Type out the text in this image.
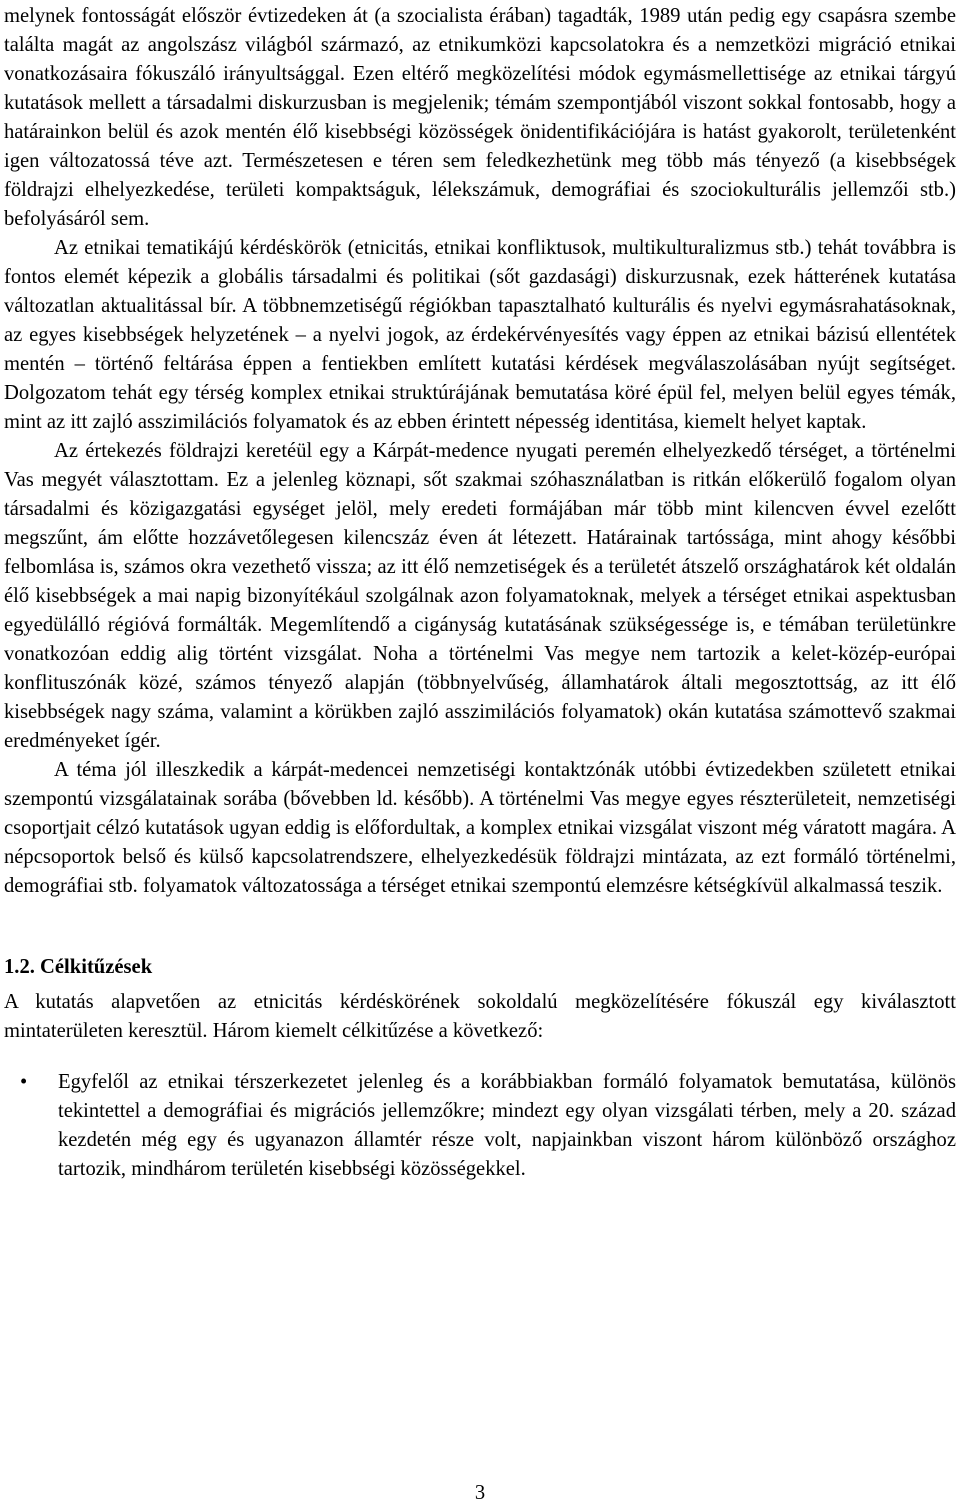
melynek fontosságát először évtizedeken át (a szocialista érában) tagadták, 1989 után pedig egy csapásra szembe találta magát az angolszász világból származó, az etnikumközi kapcsolatokra és a nemzetközi migráció etnikai vonatkozásaira fókuszáló irányultsággal. Ezen eltérő megközelítési módok egymásmellettisége az etnikai tárgyú kutatások mellett a társadalmi diskurzusban is megjelenik; témám szempontjából viszont sokkal fontosabb, hogy a határainkon belül és azok mentén élő kisebbségi közösségek önidentifikációjára is hatást gyakorolt, területenként igen változatossá téve azt. Természetesen e téren sem feledkezhetünk meg több más tényező (a kisebbségek földrajzi elhelyezkedése, területi kompaktságuk, lélekszámuk, demográfiai és szociokulturális jellemzői stb.) befolyásáról sem.

Az etnikai tematikájú kérdéskörök (etnicitás, etnikai konfliktusok, multikulturalizmus stb.) tehát továbbra is fontos elemét képezik a globális társadalmi és politikai (sőt gazdasági) diskurzusnak, ezek hátterének kutatása változatlan aktualitással bír. A többnemzetiségű régiókban tapasztalható kulturális és nyelvi egymásrahatásoknak, az egyes kisebbségek helyzetének – a nyelvi jogok, az érdekérvényesítés vagy éppen az etnikai bázisú ellentétek mentén – történő feltárása éppen a fentiekben említett kutatási kérdések megválaszolásában nyújt segítséget. Dolgozatom tehát egy térség komplex etnikai struktúrájának bemutatása köré épül fel, melyen belül egyes témák, mint az itt zajló asszimilációs folyamatok és az ebben érintett népesség identitása, kiemelt helyet kaptak.

Az értekezés földrajzi keretéül egy a Kárpát-medence nyugati peremén elhelyezkedő térséget, a történelmi Vas megyét választottam. Ez a jelenleg köznapi, sőt szakmai szóhasználatban is ritkán előkerülő fogalom olyan társadalmi és közigazgatási egységet jelöl, mely eredeti formájában már több mint kilencven évvel ezelőtt megszűnt, ám előtte hozzávetőlegesen kilencszáz éven át létezett. Határainak tartóssága, mint ahogy későbbi felbomlása is, számos okra vezethető vissza; az itt élő nemzetiségek és a területét átszelő országhatárok két oldalán élő kisebbségek a mai napig bizonyítékául szolgálnak azon folyamatoknak, melyek a térséget etnikai aspektusban egyedülálló régióvá formálták. Megemlítendő a cigányság kutatásának szükségessége is, e témában területünkre vonatkozóan eddig alig történt vizsgálat. Noha a történelmi Vas megye nem tartozik a kelet-közép-európai konflituszónák közé, számos tényező alapján (többnyelvűség, államhatárok általi megosztottság, az itt élő kisebbségek nagy száma, valamint a körükben zajló asszimilációs folyamatok) okán kutatása számottevő szakmai eredményeket ígér.

A téma jól illeszkedik a kárpát-medencei nemzetiségi kontaktzónák utóbbi évtizedekben született etnikai szempontú vizsgálatainak sorába (bővebben ld. később). A történelmi Vas megye egyes részterületeit, nemzetiségi csoportjait célzó kutatások ugyan eddig is előfordultak, a komplex etnikai vizsgálat viszont még váratott magára. A népcsoportok belső és külső kapcsolatrendszere, elhelyezkedésük földrajzi mintázata, az ezt formáló történelmi, demográfiai stb. folyamatok változatossága a térséget etnikai szempontú elemzésre kétségkívül alkalmassá teszik.

1.2. Célkitűzések

A kutatás alapvetően az etnicitás kérdéskörének sokoldalú megközelítésére fókuszál egy kiválasztott mintaterületen keresztül. Három kiemelt célkitűzése a következő:

• Egyfelől az etnikai térszerkezetet jelenleg és a korábbiakban formáló folyamatok bemutatása, különös tekintettel a demográfiai és migrációs jellemzőkre; mindezt egy olyan vizsgálati térben, mely a 20. század kezdetén még egy és ugyanazon államtér része volt, napjainkban viszont három különböző országhoz tartozik, mindhárom területén kisebbségi közösségekkel.
3
